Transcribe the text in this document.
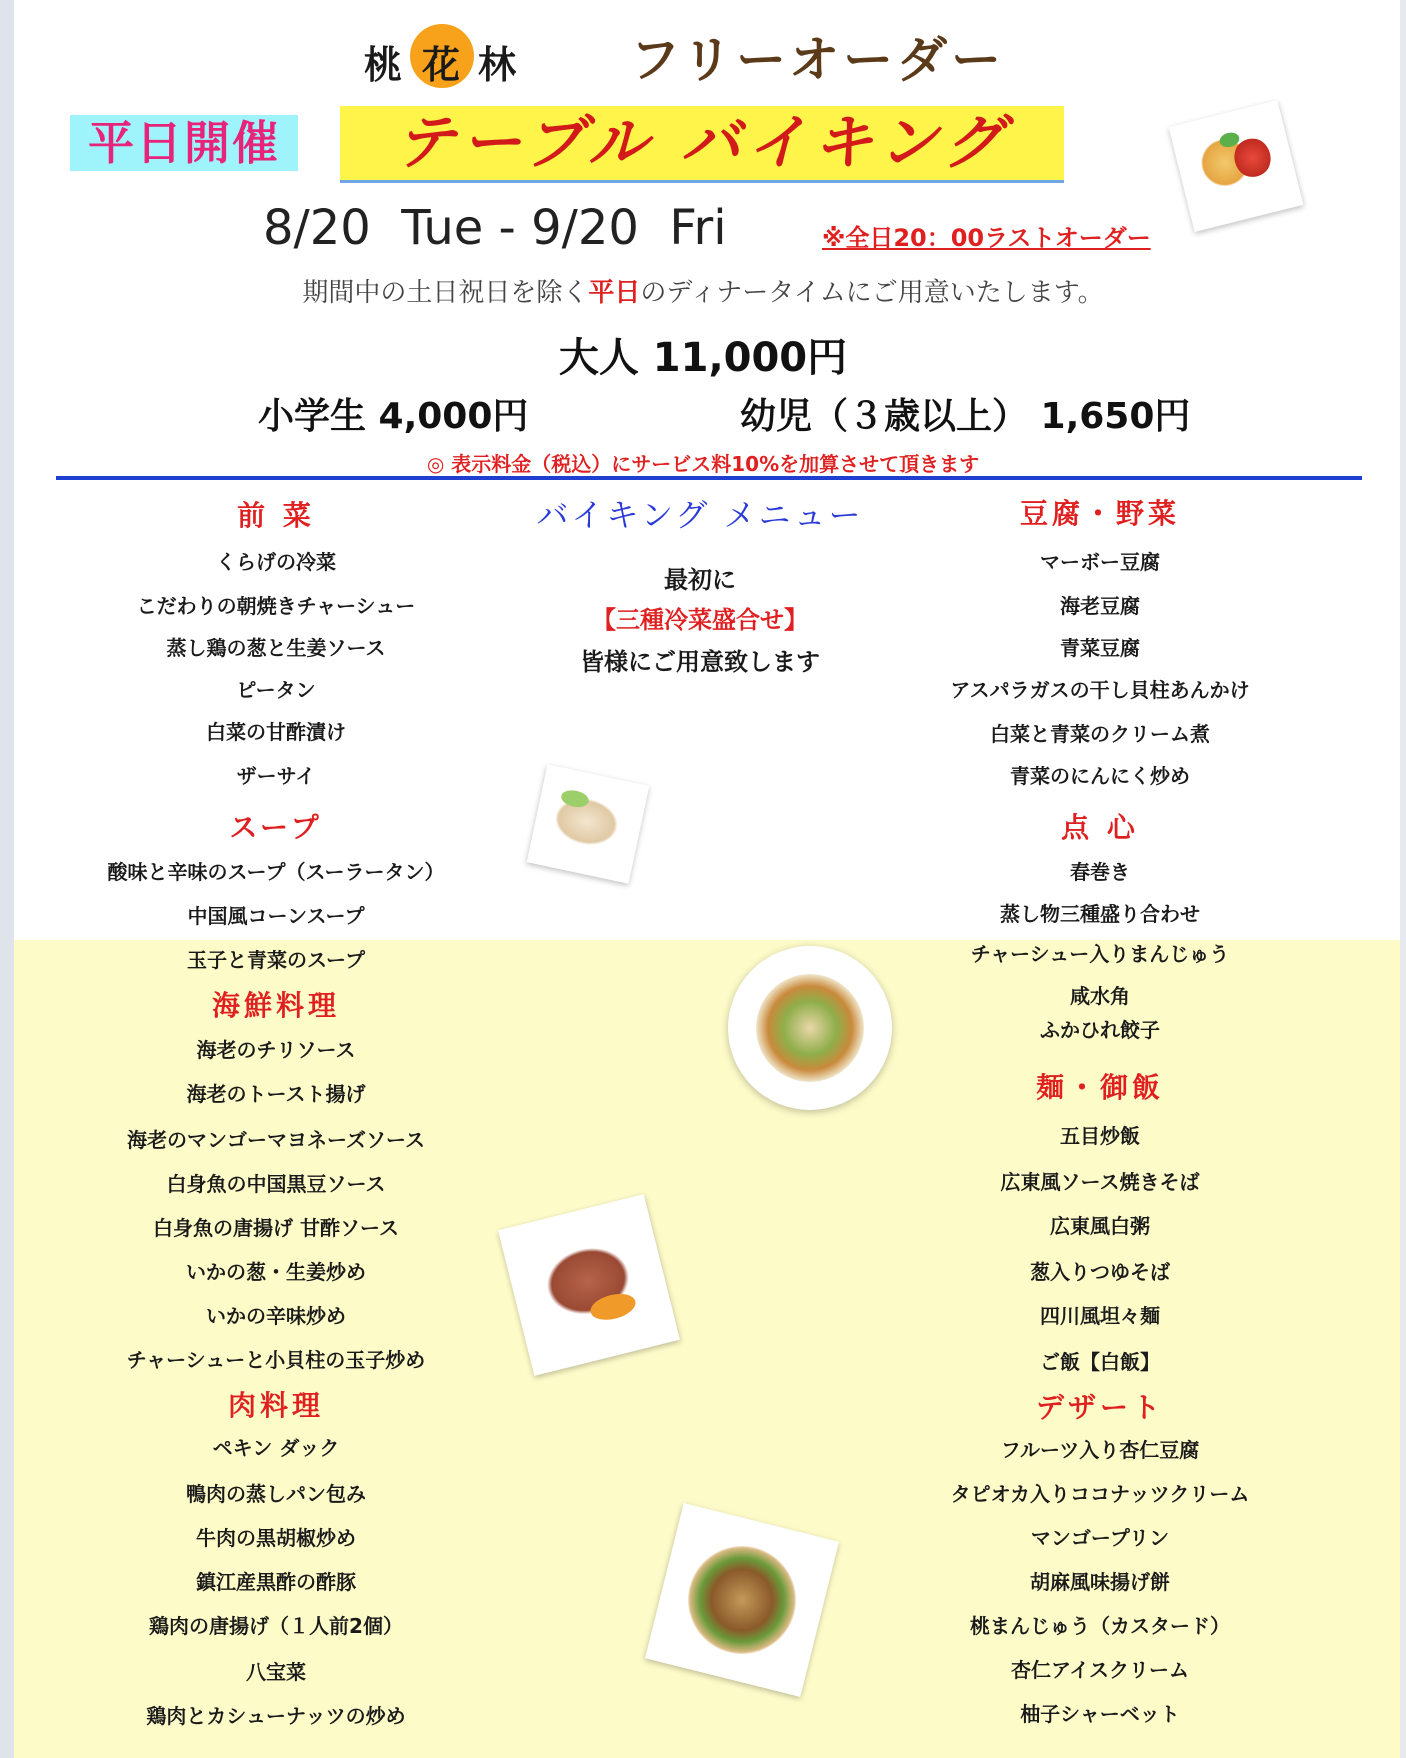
桃 花 林 フリーオーダー
平日開催	テーブル バイキング
8/20  Tue - 9/20  Fri	※全日20：00ラストオーダー
期間中の土日祝日を除く平日のディナータイムにご用意いたします。
大人 11,000円
小学生 4,000円	幼児（３歳以上） 1,650円
◎ 表示料金（税込）にサービス料10%を加算させて頂きます
前 菜
くらげの冷菜
こだわりの朝焼きチャーシュー
蒸し鶏の葱と生姜ソース
ピータン
白菜の甘酢漬け
ザーサイ
スープ
酸味と辛味のスープ（スーラータン）
中国風コーンスープ
玉子と青菜のスープ
海鮮料理
海老のチリソース
海老のトースト揚げ
海老のマンゴーマヨネーズソース
白身魚の中国黒豆ソース
白身魚の唐揚げ 甘酢ソース
いかの葱・生姜炒め
いかの辛味炒め
チャーシューと小貝柱の玉子炒め
肉料理
ペキン ダック
鴨肉の蒸しパン包み
牛肉の黒胡椒炒め
鎮江産黒酢の酢豚
鶏肉の唐揚げ（１人前2個）
八宝菜
鶏肉とカシューナッツの炒め
バイキング メニュー
最初に
【三種冷菜盛合せ】
皆様にご用意致します
豆腐・野菜
マーボー豆腐
海老豆腐
青菜豆腐
アスパラガスの干し貝柱あんかけ
白菜と青菜のクリーム煮
青菜のにんにく炒め
点 心
春巻き
蒸し物三種盛り合わせ
チャーシュー入りまんじゅう
咸水角
ふかひれ餃子
麺・御飯
五目炒飯
広東風ソース焼きそば
広東風白粥
葱入りつゆそば
四川風坦々麺
ご飯【白飯】
デザート
フルーツ入り杏仁豆腐
タピオカ入りココナッツクリーム
マンゴープリン
胡麻風味揚げ餅
桃まんじゅう（カスタード）
杏仁アイスクリーム
柚子シャーベット
